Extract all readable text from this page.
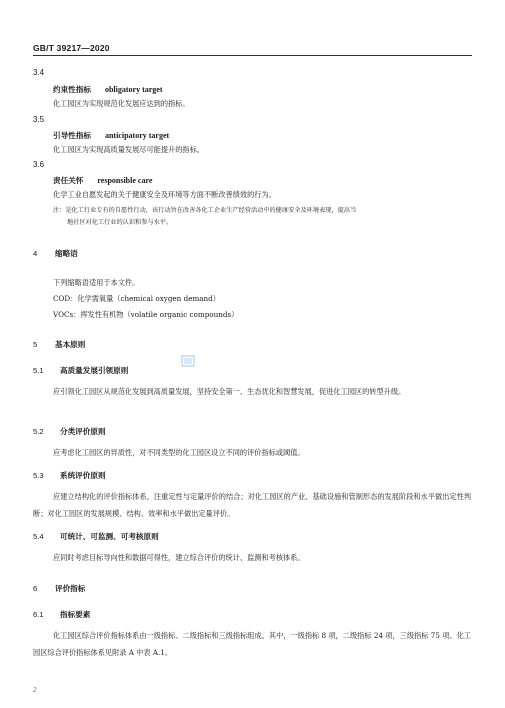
GB/T 39217—2020
3.4
约束性指标 obligatory target
化工园区为实现规范化发展应达到的指标。
3.5
引导性指标 anticipatory target
化工园区为实现高质量发展尽可能提升的指标。
3.6
责任关怀 responsible care
化学工业自愿发起的关于健康安全及环境等方面不断改善绩效的行为。
注：是化工行业专有的自愿性行动，该行动旨在改善各化工企业生产经营活动中的健康安全及环境表现，提高当
地社区对化工行业的认识和参与水平。
4 缩略语
下列缩略语适用于本文件。
COD：化学需氧量（chemical oxygen demand）
VOCs：挥发性有机物（volatile organic compounds）
5 基本原则
5.1 高质量发展引领原则
应引领化工园区从规范化发展到高质量发展，坚持安全第一、生态优化和智慧发展，促进化工园区的转型升级。
5.2 分类评价原则
应考虑化工园区的异质性，对不同类型的化工园区设立不同的评价指标或阈值。
5.3 系统评价原则
应建立结构化的评价指标体系，注重定性与定量评价的结合；对化工园区的产业、基础设施和管制形态的发展阶段和水平做出定性判断；对化工园区的发展规模、结构、效率和水平做出定量评价。
5.4 可统计、可监测、可考核原则
应同时考虑目标导向性和数据可得性，建立综合评价的统计、监测和考核体系。
6 评价指标
6.1 指标要素
化工园区综合评价指标体系由一级指标、二级指标和三级指标组成。其中，一级指标 8 项，二级指标 24 项，三级指标 75 项。化工园区综合评价指标体系见附录 A 中表 A.1。
2
